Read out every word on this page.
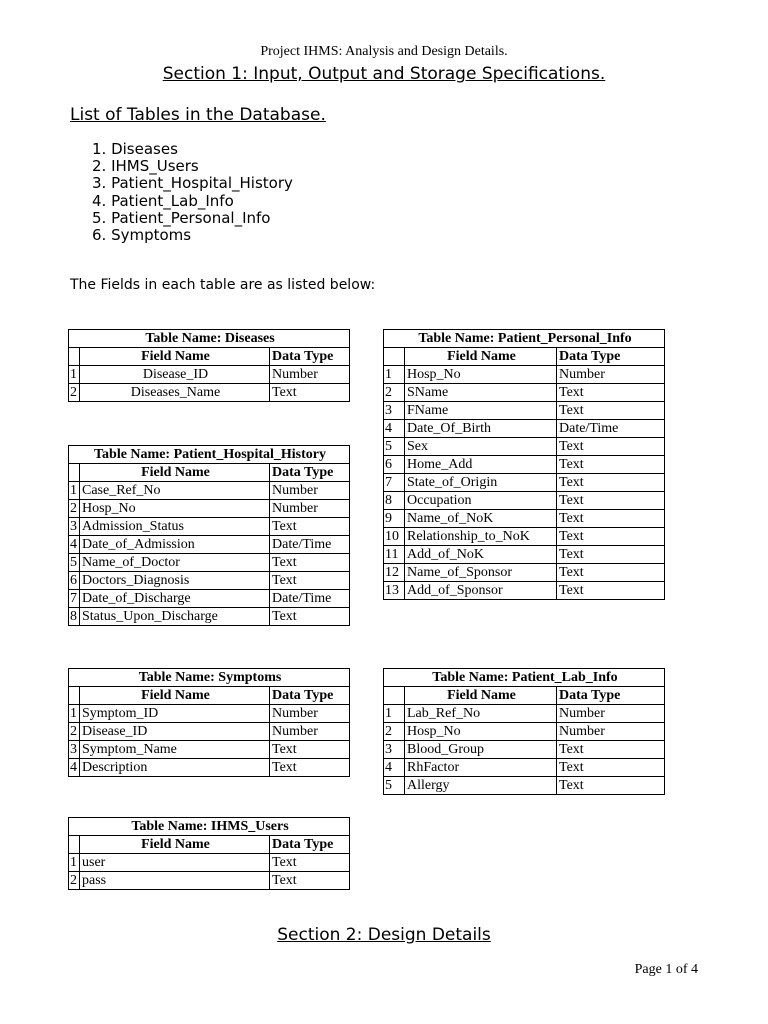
Project IHMS: Analysis and Design Details.
Section 1: Input, Output and Storage Specifications.
List of Tables in the Database.
1. Diseases
2. IHMS_Users
3. Patient_Hospital_History
4. Patient_Lab_Info
5. Patient_Personal_Info
6. Symptoms
The Fields in each table are as listed below:
Table Name: Diseases		
	Field Name	Data Type
1	Disease_ID	Number
2	Diseases_Name	Text
Table Name: Patient_Hospital_History		
	Field Name	Data Type
1	Case_Ref_No	Number
2	Hosp_No	Number
3	Admission_Status	Text
4	Date_of_Admission	Date/Time
5	Name_of_Doctor	Text
6	Doctors_Diagnosis	Text
7	Date_of_Discharge	Date/Time
8	Status_Upon_Discharge	Text
Table Name: Symptoms		
	Field Name	Data Type
1	Symptom_ID	Number
2	Disease_ID	Number
3	Symptom_Name	Text
4	Description	Text
Table Name: IHMS_Users		
	Field Name	Data Type
1	user	Text
2	pass	Text
Table Name: Patient_Personal_Info		
	Field Name	Data Type
1	Hosp_No	Number
2	SName	Text
3	FName	Text
4	Date_Of_Birth	Date/Time
5	Sex	Text
6	Home_Add	Text
7	State_of_Origin	Text
8	Occupation	Text
9	Name_of_NoK	Text
10	Relationship_to_NoK	Text
11	Add_of_NoK	Text
12	Name_of_Sponsor	Text
13	Add_of_Sponsor	Text
Table Name: Patient_Lab_Info		
	Field Name	Data Type
1	Lab_Ref_No	Number
2	Hosp_No	Number
3	Blood_Group	Text
4	RhFactor	Text
5	Allergy	Text
Section 2: Design Details
Page 1 of 4
